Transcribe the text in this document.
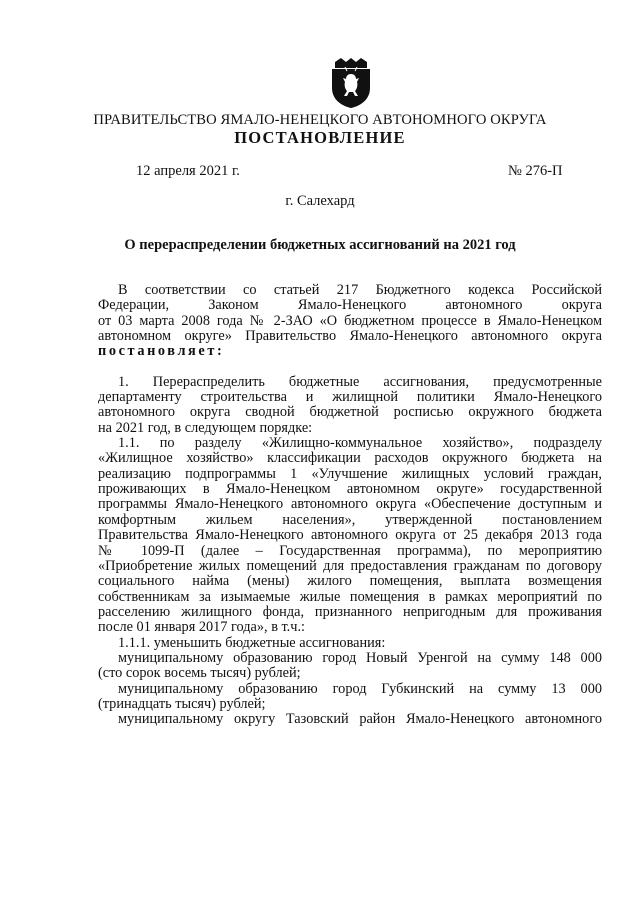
ПРАВИТЕЛЬСТВО ЯМАЛО-НЕНЕЦКОГО АВТОНОМНОГО ОКРУГА
ПОСТАНОВЛЕНИЕ
12 апреля 2021 г.	№ 276-П
г. Салехард
О перераспределении бюджетных ассигнований на 2021 год

В соответствии со статьей 217 Бюджетного кодекса Российской

Федерации, Законом Ямало-Ненецкого автономного округа

от 03 марта 2008 года № 2-ЗАО «О бюджетном процессе в Ямало-Ненецком

автономном округе» Правительство Ямало-Ненецкого автономного округа

постановляет:

1. Перераспределить бюджетные ассигнования, предусмотренные

департаменту строительства и жилищной политики Ямало-Ненецкого

автономного округа сводной бюджетной росписью окружного бюджета

на 2021 год, в следующем порядке:

1.1. по разделу «Жилищно-коммунальное хозяйство», подразделу

«Жилищное хозяйство» классификации расходов окружного бюджета на

реализацию подпрограммы 1 «Улучшение жилищных условий граждан,

проживающих в Ямало-Ненецком автономном округе» государственной

программы Ямало-Ненецкого автономного округа «Обеспечение доступным и

комфортным жильем населения», утвержденной постановлением

Правительства Ямало-Ненецкого автономного округа от 25 декабря 2013 года

№ 1099-П (далее – Государственная программа), по мероприятию

«Приобретение жилых помещений для предоставления гражданам по договору

социального найма (мены) жилого помещения, выплата возмещения

собственникам за изымаемые жилые помещения в рамках мероприятий по

расселению жилищного фонда, признанного непригодным для проживания

после 01 января 2017 года», в т.ч.:

1.1.1. уменьшить бюджетные ассигнования:

муниципальному образованию город Новый Уренгой на сумму 148 000

(сто сорок восемь тысяч) рублей;

муниципальному образованию город Губкинский на сумму 13 000

(тринадцать тысяч) рублей;

муниципальному округу Тазовский район Ямало-Ненецкого автономного
